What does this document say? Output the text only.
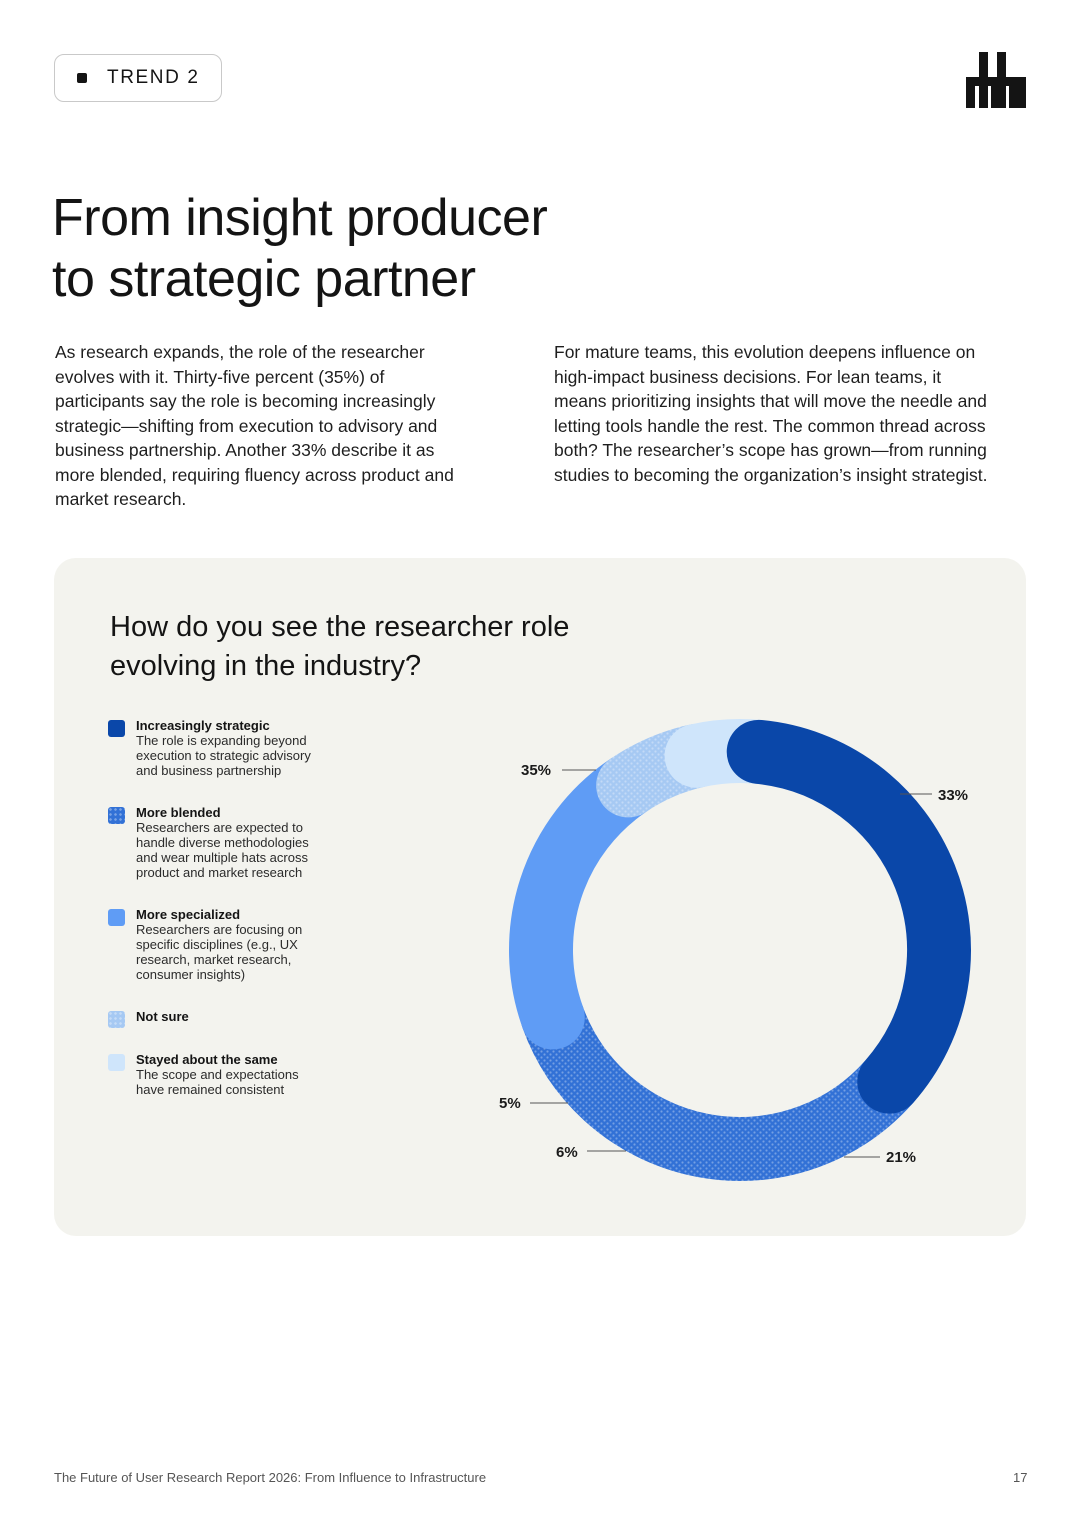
TREND 2
From insight producer
to strategic partner

As research expands, the role of the researcher
evolves with it. Thirty-five percent (35%) of
participants say the role is becoming increasingly
strategic—shifting from execution to advisory and
business partnership. Another 33% describe it as
more blended, requiring fluency across product and
market research.

For mature teams, this evolution deepens influence on
high-impact business decisions. For lean teams, it
means prioritizing insights that will move the needle and
letting tools handle the rest. The common thread across
both? The researcher’s scope has grown—from running
studies to becoming the organization’s insight strategist.

How do you see the researcher role
evolving in the industry?
Increasingly strategic
The role is expanding beyond
execution to strategic advisory
and business partnership
More blended
Researchers are expected to
handle diverse methodologies
and wear multiple hats across
product and market research
More specialized
Researchers are focusing on
specific disciplines (e.g., UX
research, market research,
consumer insights)
Not sure
Stayed about the same
The scope and expectations
have remained consistent
35%
33%
21%
6%
5%
The Future of User Research Report 2026: From Influence to Infrastructure	17
